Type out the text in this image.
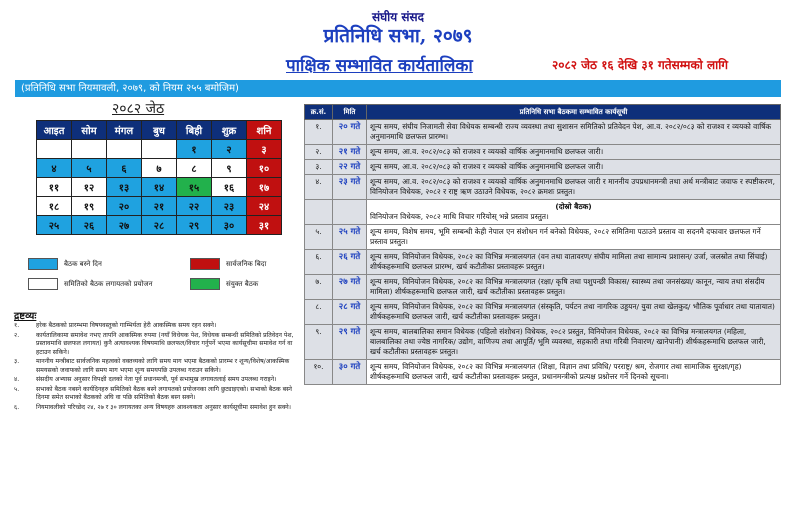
संघीय संसद
प्रतिनिधि सभा, २०७९
पाक्षिक सम्भावित कार्यतालिका	२०८२ जेठ १६ देखि ३१ गतेसम्मको लागि
(प्रतिनिधि सभा नियमावली, २०७९, को नियम २५५ बमोजिम)
२०८२ जेठ
आइत	सोम	मंगल	बुध	बिही	शुक्र	शनि
				१	२	३
४	५	६	७	८	९	१०
११	१२	१३	१४	१५	१६	१७
१८	१९	२०	२१	२२	२३	२४
२५	२६	२७	२८	२९	३०	३१
बैठक बस्ने दिन	सार्वजनिक बिदा
समितिको बैठक लगायतको प्रयोजन	संयुक्त बैठक
द्रष्टव्यः
१.	हरेक बैठकको प्रारम्भमा विषयवस्तुको गाम्भिर्यता हेरी आकस्मिक समय रहन सक्ने।
२.	कार्यतालिकामा समावेश नभए तापनि आकस्मिक रुपमा (नयाँ विधेयक पेश, विधेयक सम्बन्धी समितिको प्रतिवेदन पेश, प्रस्तावमाथि छलफल लगायत) कुनै अत्यावश्यक विषयमाथि छलफल/विचार गर्नुपर्ने भएमा कार्यसूचीमा समावेश गर्न वा हटाउन सकिने।
३.	माननीय मन्त्रीबाट सार्वजनिक महत्वको वक्तव्यको लागि समय माग भएमा बैठकको प्रारम्भ र शून्य/विशेष/आकस्मिक समयसको जवाफको लागि समय माग भएमा शून्य समयपछि उपलब्ध गराउन सकिने।
४.	संसदीय अभ्यास अनुसार विपक्षी दलको नेता पूर्व प्रधानमन्त्री, पूर्व सभामुख लगायतलाई समय उपलब्ध गराइने।
५.	सभाको बैठक नबस्ने कार्यदिनहरु समितिको बैठक बस्ने लगायतको प्रयोजनका लागि छुट्याइएको। सभाको बैठक बस्ने दिनमा समेत सभाको बैठकको अघि वा पछि समितिको बैठक बस्न सक्ने।
६.	नियमावलीको परिच्छेद २४, २७ र ३० लगायतका अन्य विषयहरु आवश्यकता अनुसार कार्यसूचीमा समावेश हुन सक्ने।
क्र.सं.	मिति	प्रतिनिधि सभा बैठकमा सम्भावित कार्यसूची
१.	२० गते	शून्य समय, संघीय निजामती सेवा विधेयक सम्बन्धी राज्य व्यवस्था तथा सुशासन समितिको प्रतिवेदन पेश, आ.व. २०८२/०८३ को राजश्व र व्ययको वार्षिक अनुमानमाथि छलफल प्रारम्भ।
२.	२१ गते	शून्य समय, आ.व. २०८२/०८३ को राजश्व र व्ययको वार्षिक अनुमानमाथि छलफल जारी।
३.	२२ गते	शून्य समय, आ.व. २०८२/०८३ को राजश्व र व्ययको वार्षिक अनुमानमाथि छलफल जारी।
४.	२३ गते	शून्य समय, आ.व. २०८२/०८३ को राजश्व र व्ययको वार्षिक अनुमानमाथि छलफल जारी र माननीय उपप्रधानमन्त्री तथा अर्थ मन्त्रीबाट जवाफ र स्पष्टीकरण, विनियोजन विधेयक, २०८२ र राष्ट्र ऋण उठाउने विधेयक, २०८२ क्रमशः प्रस्तुत।

		(दोस्रो बैठक)
विनियोजन विधेयक, २०८२ माथि विचार गरियोस् भन्ने प्रस्ताव प्रस्तुत।
५.	२५ गते	शून्य समय, विशेष समय, भूमि सम्बन्धी केही नेपाल एन संशोधन गर्न बनेको विधेयक, २०८२ समितिमा पठाउने प्रस्ताव वा सदनमै दफावार छलफल गर्ने प्रस्ताव प्रस्तुत।
६.	२६ गते	शून्य समय, विनियोजन विधेयक, २०८२ का विभिन्न मन्त्रालयगत (वन तथा वातावरण/ संघीय मामिला तथा सामान्य प्रशासन/ उर्जा, जलस्रोत तथा सिंचाई) शीर्षकहरूमाथि छलफल प्रारम्भ, खर्च कटौतीका प्रस्तावहरू प्रस्तुत।
७.	२७ गते	शून्य समय, विनियोजन विधेयक, २०८२ का विभिन्न मन्त्रालयगत (रक्षा/ कृषि तथा पशुपन्छी विकास/ स्वास्थ्य तथा जनसंख्या/ कानून, न्याय तथा संसदीय मामिला) शीर्षकहरूमाथि छलफल जारी, खर्च कटौतीका प्रस्तावहरू प्रस्तुत।
८.	२८ गते	शून्य समय, विनियोजन विधेयक, २०८२ का विभिन्न मन्त्रालयगत (संस्कृति, पर्यटन तथा नागरिक उड्डयन/ युवा तथा खेलकुद/ भौतिक पूर्वाधार तथा यातायात) शीर्षकहरूमाथि छलफल जारी, खर्च कटौतीका प्रस्तावहरू प्रस्तुत।
९.	२९ गते	शून्य समय, बालबालिका समान विधेयक (पहिलो संशोधन) विधेयक, २०८२ प्रस्तुत, विनियोजन विधेयक, २०८२ का विभिन्न मन्त्रालयगत (महिला, बालबालिका तथा ज्येष्ठ नागरिक/ उद्योग, वाणिज्य तथा आपूर्ति/ भूमि व्यवस्था, सहकारी तथा गरिबी निवारण/ खानेपानी) शीर्षकहरूमाथि छलफल जारी, खर्च कटौतीका प्रस्तावहरू प्रस्तुत।
१०.	३० गते	शून्य समय, विनियोजन विधेयक, २०८२ का विभिन्न मन्त्रालयगत (शिक्षा, विज्ञान तथा प्रविधि/ परराष्ट्र/ श्रम, रोजगार तथा सामाजिक सुरक्षा/गृह) शीर्षकहरूमाथि छलफल जारी, खर्च कटौतीका प्रस्तावहरू प्रस्तुत, प्रधानमन्त्रीको प्रत्यक्ष प्रश्नोत्तर गर्ने दिनको सूचना।
